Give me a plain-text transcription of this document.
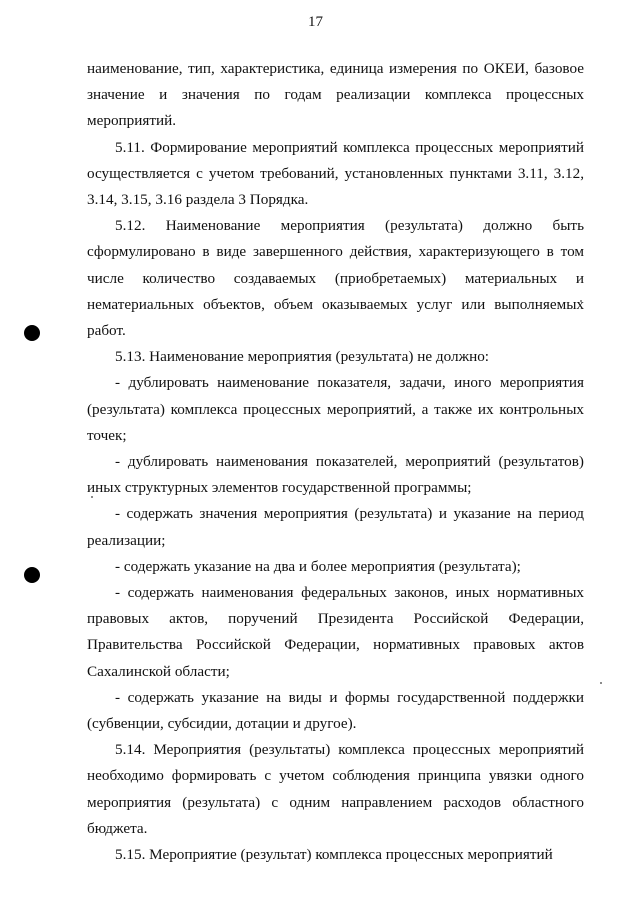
17

наименование, тип, характеристика, единица измерения по ОКЕИ, базовое значение и значения по годам реализации комплекса процессных мероприятий.

5.11. Формирование мероприятий комплекса процессных мероприятий осуществляется с учетом требований, установленных пунктами 3.11, 3.12, 3.14, 3.15, 3.16 раздела 3 Порядка.

5.12. Наименование мероприятия (результата) должно быть сформулировано в виде завершенного действия, характеризующего в том числе количество создаваемых (приобретаемых) материальных и нематериальных объектов, объем оказываемых услуг или выполняемых работ.

5.13. Наименование мероприятия (результата) не должно:

- дублировать наименование показателя, задачи, иного мероприятия (результата) комплекса процессных мероприятий, а также их контрольных точек;

- дублировать наименования показателей, мероприятий (результатов) иных структурных элементов государственной программы;

- содержать значения мероприятия (результата) и указание на период реализации;

- содержать указание на два и более мероприятия (результата);

- содержать наименования федеральных законов, иных нормативных правовых актов, поручений Президента Российской Федерации, Правительства Российской Федерации, нормативных правовых актов Сахалинской области;

- содержать указание на виды и формы государственной поддержки (субвенции, субсидии, дотации и другое).

5.14. Мероприятия (результаты) комплекса процессных мероприятий необходимо формировать с учетом соблюдения принципа увязки одного мероприятия (результата) с одним направлением расходов областного бюджета.

5.15. Мероприятие (результат) комплекса процессных мероприятий
